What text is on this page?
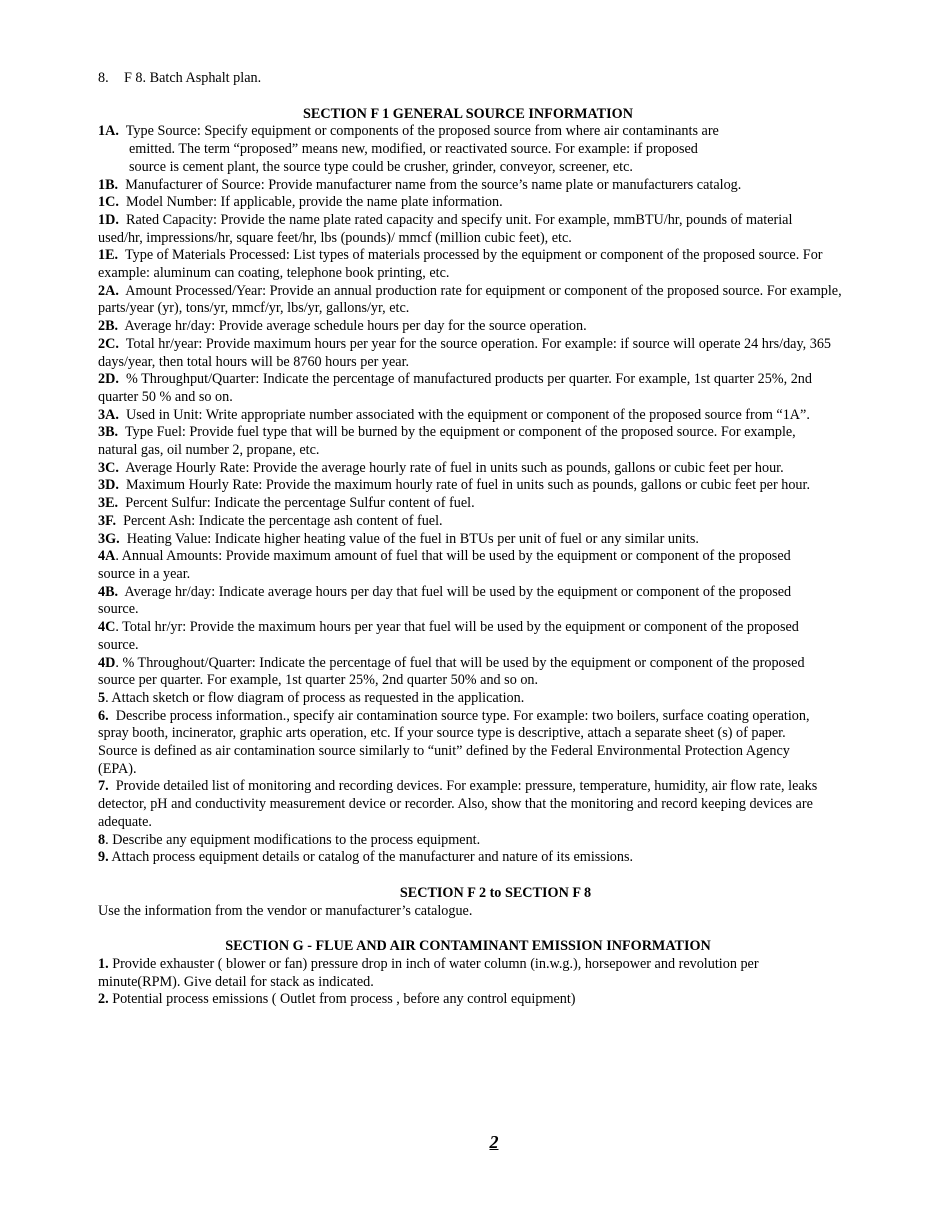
8. F 8. Batch Asphalt plan.

SECTION F 1 GENERAL SOURCE INFORMATION

1A. Type Source: Specify equipment or components of the proposed source from where air contaminants are emitted. The term “proposed” means new, modified, or reactivated source. For example: if proposed source is cement plant, the source type could be crusher, grinder, conveyor, screener, etc.

1B. Manufacturer of Source: Provide manufacturer name from the source’s name plate or manufacturers catalog.

1C. Model Number: If applicable, provide the name plate information.

1D. Rated Capacity: Provide the name plate rated capacity and specify unit. For example, mmBTU/hr, pounds of material used/hr, impressions/hr, square feet/hr, lbs (pounds)/ mmcf (million cubic feet), etc.

1E. Type of Materials Processed: List types of materials processed by the equipment or component of the proposed source. For example: aluminum can coating, telephone book printing, etc.

2A. Amount Processed/Year: Provide an annual production rate for equipment or component of the proposed source. For example, parts/year (yr), tons/yr, mmcf/yr, lbs/yr, gallons/yr, etc.

2B. Average hr/day: Provide average schedule hours per day for the source operation.

2C. Total hr/year: Provide maximum hours per year for the source operation. For example: if source will operate 24 hrs/day, 365 days/year, then total hours will be 8760 hours per year.

2D. % Throughput/Quarter: Indicate the percentage of manufactured products per quarter. For example, 1st quarter 25%, 2nd quarter 50 % and so on.

3A. Used in Unit: Write appropriate number associated with the equipment or component of the proposed source from “1A”.

3B. Type Fuel: Provide fuel type that will be burned by the equipment or component of the proposed source. For example, natural gas, oil number 2, propane, etc.

3C. Average Hourly Rate: Provide the average hourly rate of fuel in units such as pounds, gallons or cubic feet per hour.

3D. Maximum Hourly Rate: Provide the maximum hourly rate of fuel in units such as pounds, gallons or cubic feet per hour.

3E. Percent Sulfur: Indicate the percentage Sulfur content of fuel.

3F. Percent Ash: Indicate the percentage ash content of fuel.

3G. Heating Value: Indicate higher heating value of the fuel in BTUs per unit of fuel or any similar units.

4A. Annual Amounts: Provide maximum amount of fuel that will be used by the equipment or component of the proposed source in a year.

4B. Average hr/day: Indicate average hours per day that fuel will be used by the equipment or component of the proposed source.

4C. Total hr/yr: Provide the maximum hours per year that fuel will be used by the equipment or component of the proposed source.

4D. % Throughout/Quarter: Indicate the percentage of fuel that will be used by the equipment or component of the proposed source per quarter. For example, 1st quarter 25%, 2nd quarter 50% and so on.

5. Attach sketch or flow diagram of process as requested in the application.

6. Describe process information., specify air contamination source type. For example: two boilers, surface coating operation, spray booth, incinerator, graphic arts operation, etc. If your source type is descriptive, attach a separate sheet (s) of paper. Source is defined as air contamination source similarly to “unit” defined by the Federal Environmental Protection Agency (EPA).

7. Provide detailed list of monitoring and recording devices. For example: pressure, temperature, humidity, air flow rate, leaks detector, pH and conductivity measurement device or recorder. Also, show that the monitoring and record keeping devices are adequate.

8. Describe any equipment modifications to the process equipment.

9. Attach process equipment details or catalog of the manufacturer and nature of its emissions.

SECTION F 2 to SECTION F 8

Use the information from the vendor or manufacturer’s catalogue.

SECTION G - FLUE AND AIR CONTAMINANT EMISSION INFORMATION

1. Provide exhauster ( blower or fan) pressure drop in inch of water column (in.w.g.), horsepower and revolution per minute(RPM). Give detail for stack as indicated.

2. Potential process emissions ( Outlet from process , before any control equipment)

2
